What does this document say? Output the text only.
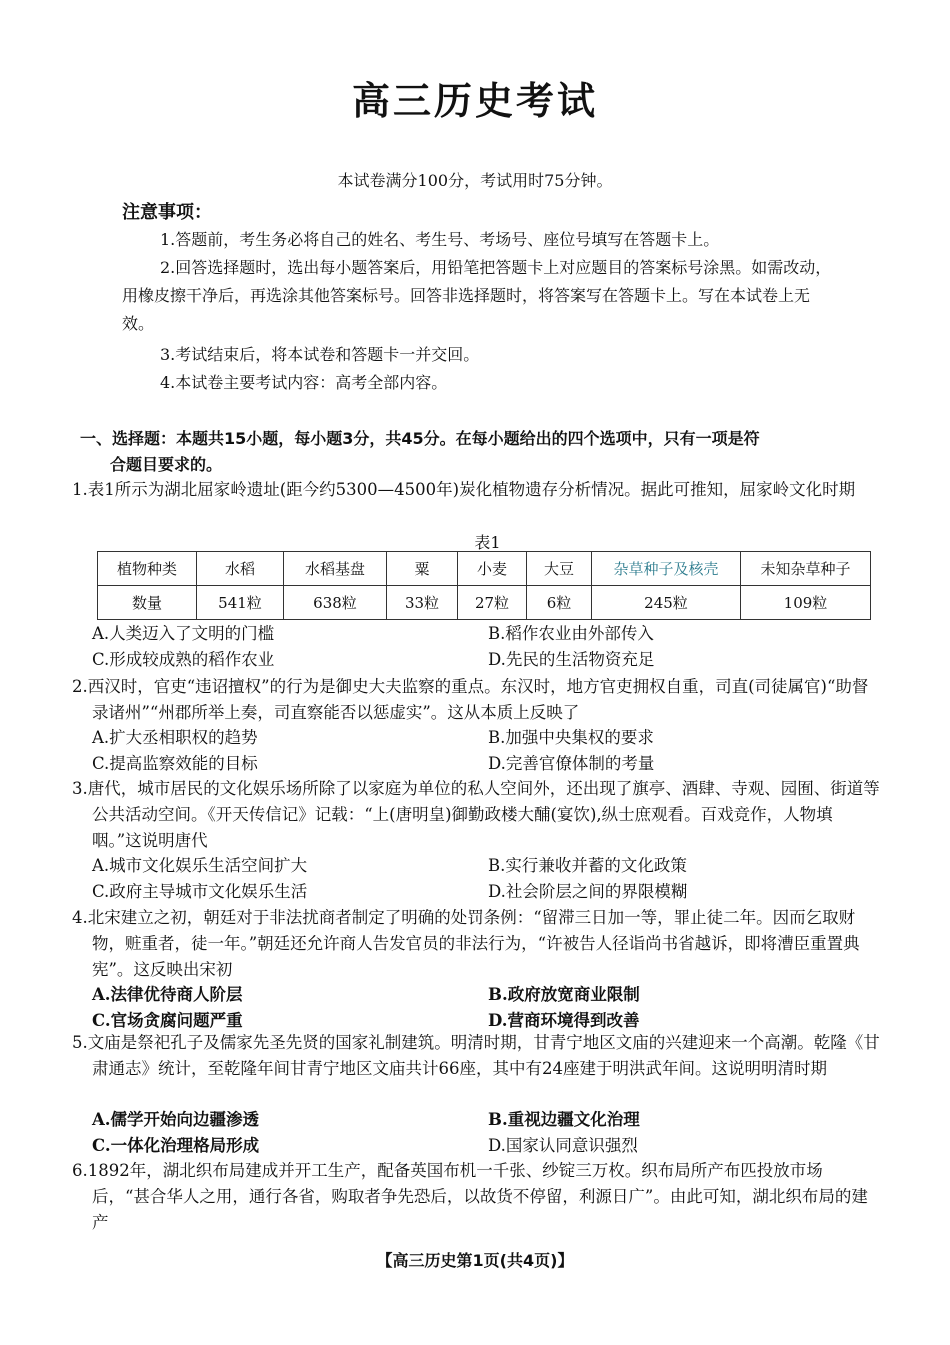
高三历史考试
本试卷满分100分，考试用时75分钟。
注意事项：
1.答题前，考生务必将自己的姓名、考生号、考场号、座位号填写在答题卡上。
2.回答选择题时，选出每小题答案后，用铅笔把答题卡上对应题目的答案标号涂黑。如需改动，用橡皮擦干净后，再选涂其他答案标号。回答非选择题时，将答案写在答题卡上。写在本试卷上无效。
3.考试结束后，将本试卷和答题卡一并交回。
4.本试卷主要考试内容：高考全部内容。
一、选择题：本题共15小题，每小题3分，共45分。在每小题给出的四个选项中，只有一项是符
合题目要求的。
1.表1所示为湖北屈家岭遗址(距今约5300—4500年)炭化植物遗存分析情况。据此可推知，屈家岭文化时期
表1
植物种类	水稻	水稻基盘	粟	小麦	大豆	杂草种子及核壳	未知杂草种子
数量	541粒	638粒	33粒	27粒	6粒	245粒	109粒
A.人类迈入了文明的门槛	B.稻作农业由外部传入
C.形成较成熟的稻作农业	D.先民的生活物资充足
2.西汉时，官吏“违诏擅权”的行为是御史大夫监察的重点。东汉时，地方官吏拥权自重，司直(司徒属官)“助督录诸州”“州郡所举上奏，司直察能否以惩虚实”。这从本质上反映了
A.扩大丞相职权的趋势	B.加强中央集权的要求
C.提高监察效能的目标	D.完善官僚体制的考量
3.唐代，城市居民的文化娱乐场所除了以家庭为单位的私人空间外，还出现了旗亭、酒肆、寺观、园囿、街道等公共活动空间。《开天传信记》记载：“上(唐明皇)御勤政楼大酺(宴饮),纵士庶观看。百戏竞作，人物填咽。”这说明唐代
A.城市文化娱乐生活空间扩大	B.实行兼收并蓄的文化政策
C.政府主导城市文化娱乐生活	D.社会阶层之间的界限模糊
4.北宋建立之初，朝廷对于非法扰商者制定了明确的处罚条例：“留滞三日加一等，罪止徒二年。因而乞取财物，赃重者，徒一年。”朝廷还允许商人告发官员的非法行为，“许被告人径诣尚书省越诉，即将漕臣重置典宪”。这反映出宋初
A.法律优待商人阶层	B.政府放宽商业限制
C.官场贪腐问题严重	D.营商环境得到改善
5.文庙是祭祀孔子及儒家先圣先贤的国家礼制建筑。明清时期，甘青宁地区文庙的兴建迎来一个高潮。乾隆《甘肃通志》统计，至乾隆年间甘青宁地区文庙共计66座，其中有24座建于明洪武年间。这说明明清时期
A.儒学开始向边疆渗透	B.重视边疆文化治理
C.一体化治理格局形成	D.国家认同意识强烈
6.1892年，湖北织布局建成并开工生产，配备英国布机一千张、纱锭三万枚。织布局所产布匹投放市场后，“甚合华人之用，通行各省，购取者争先恐后，以故货不停留，利源日广”。由此可知，湖北织布局的建产
【高三历史第1页(共4页)】
